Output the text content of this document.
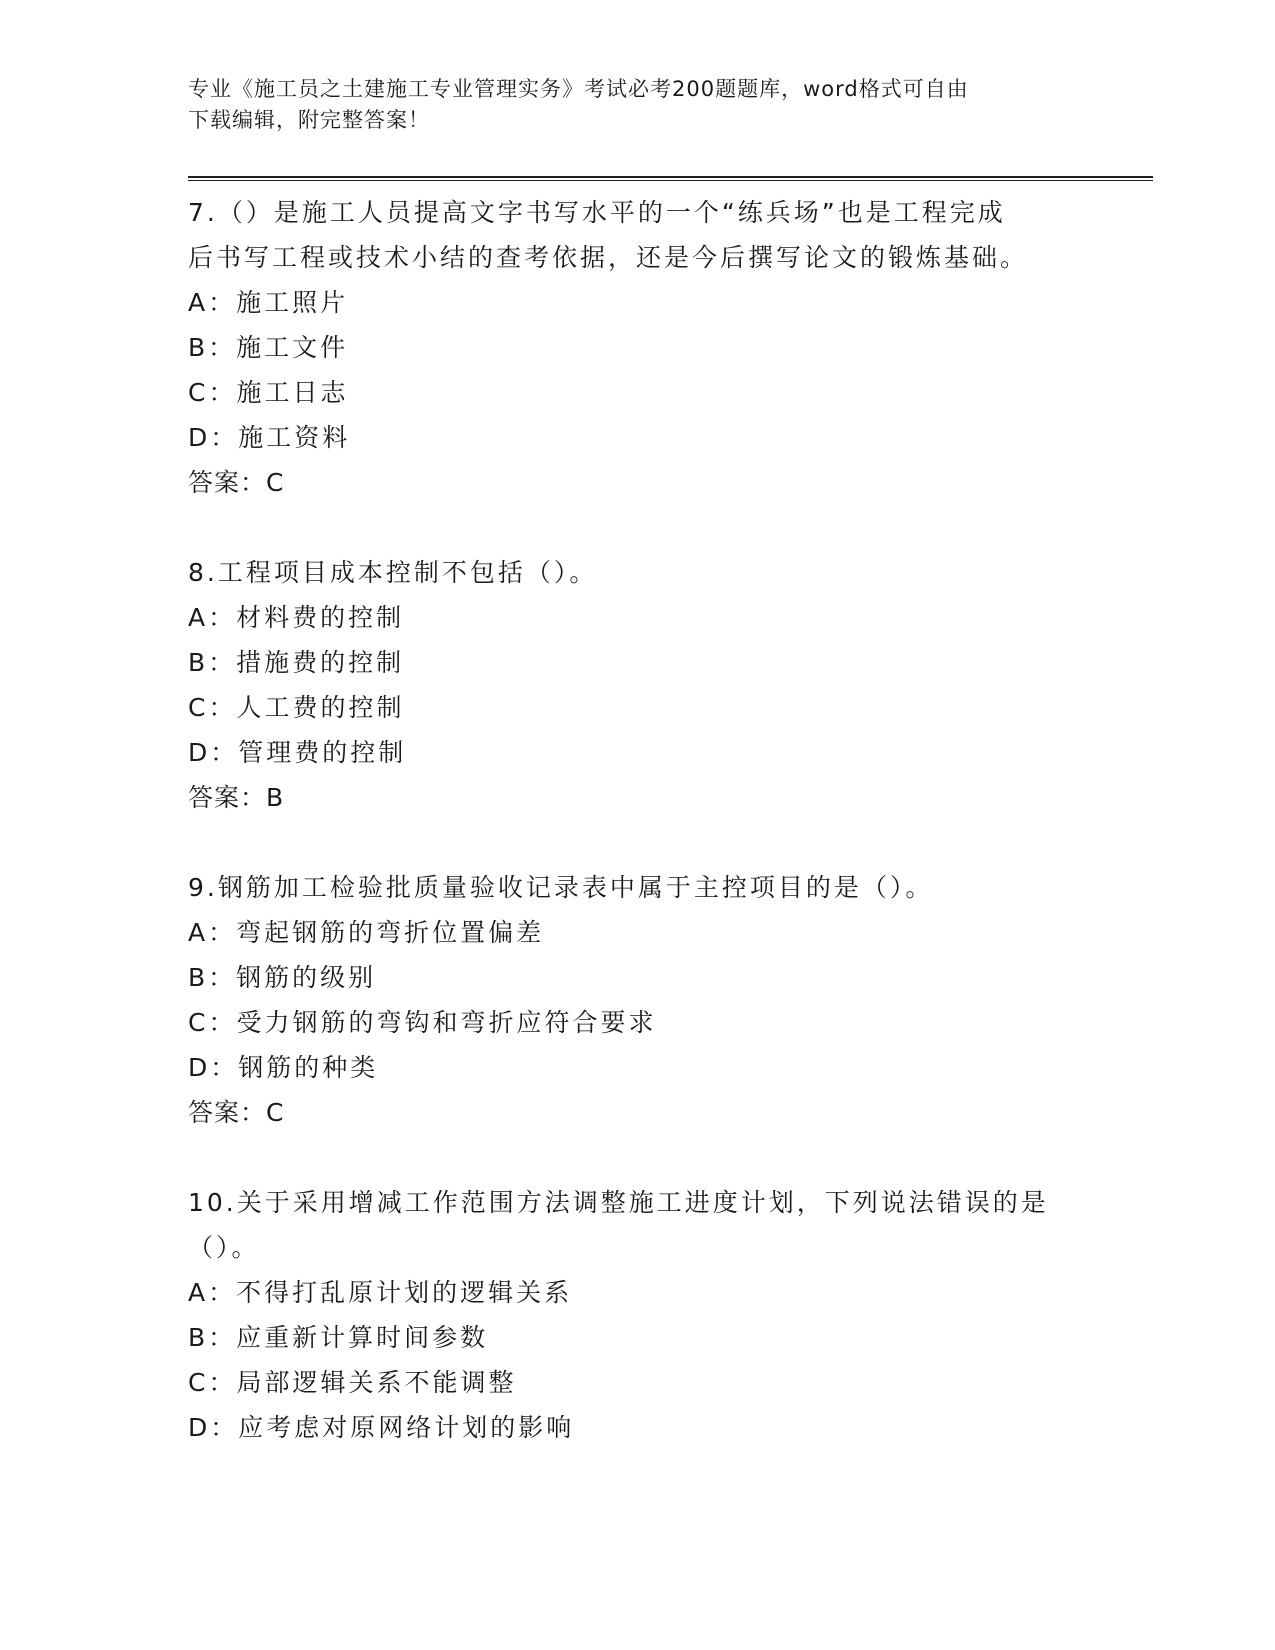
专业《施工员之土建施工专业管理实务》考试必考200题题库，word格式可自由
下载编辑，附完整答案！

7.（）是施工人员提高文字书写水平的一个“练兵场”也是工程完成
后书写工程或技术小结的查考依据，还是今后撰写论文的锻炼基础。

A：施工照片

B：施工文件

C：施工日志

D：施工资料

答案：C

8.工程项目成本控制不包括（）。

A：材料费的控制

B：措施费的控制

C：人工费的控制

D：管理费的控制

答案：B

9.钢筋加工检验批质量验收记录表中属于主控项目的是（）。

A：弯起钢筋的弯折位置偏差

B：钢筋的级别

C：受力钢筋的弯钩和弯折应符合要求

D：钢筋的种类

答案：C

10.关于采用增减工作范围方法调整施工进度计划，下列说法错误的是
（）。

A：不得打乱原计划的逻辑关系

B：应重新计算时间参数

C：局部逻辑关系不能调整

D：应考虑对原网络计划的影响
